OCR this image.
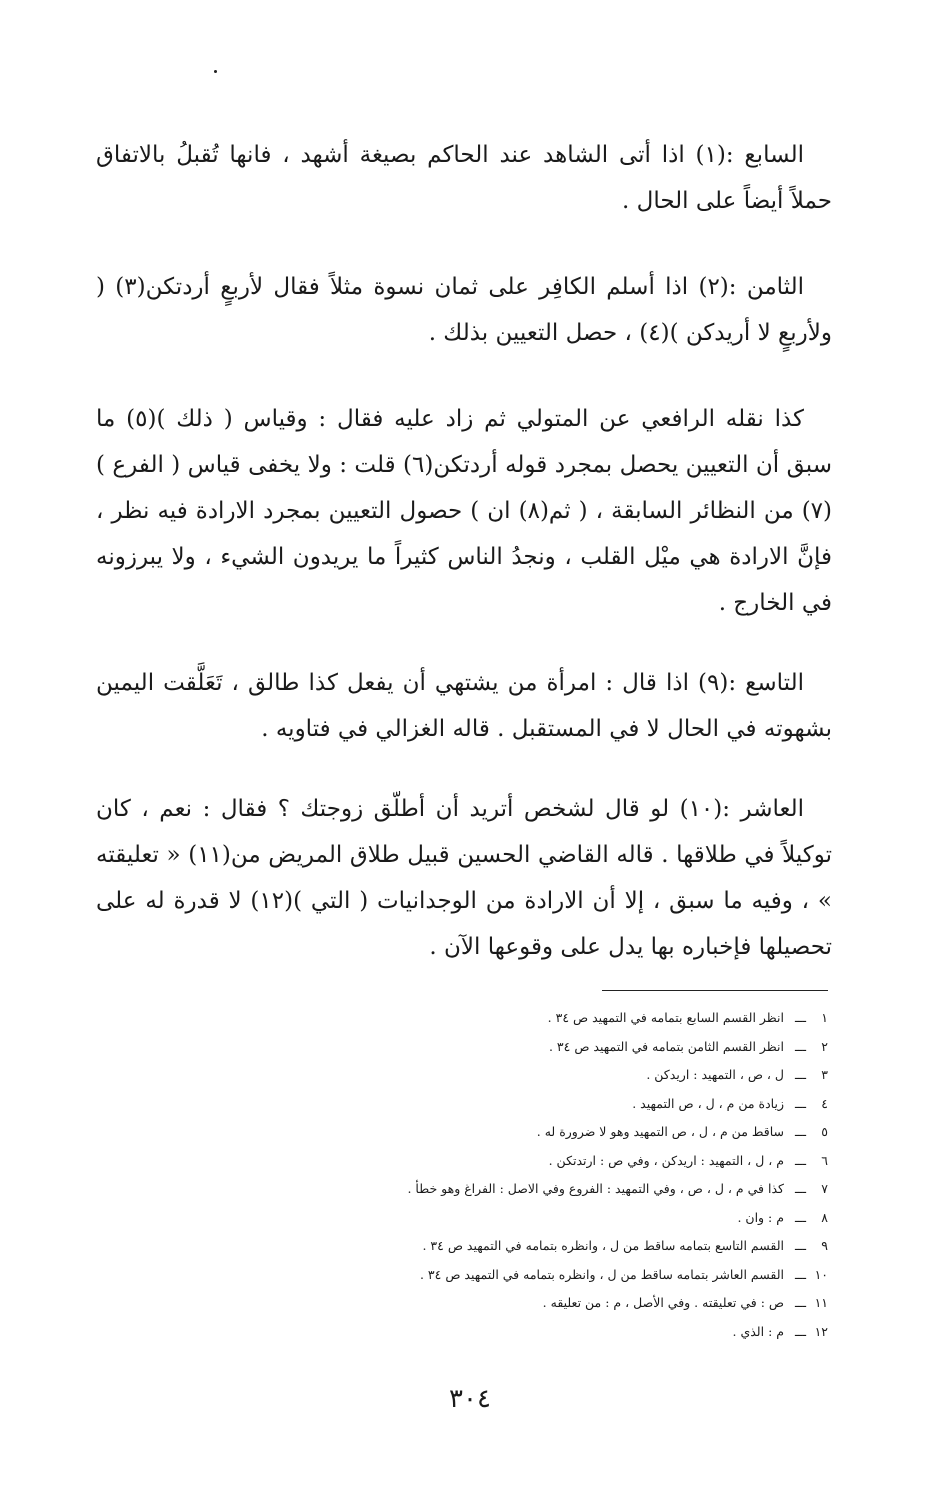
السابع :(١) اذا أتى الشاهد عند الحاكم بصيغة أشهد ، فانها تُقبلُ بالاتفاق حملاً أيضاً على الحال .

الثامن :(٢) اذا أسلم الكافِر على ثمان نسوة مثلاً فقال لأربعٍ أردتكن(٣) ( ولأربعٍ لا أريدكن )(٤) ، حصل التعيين بذلك .

كذا نقله الرافعي عن المتولي ثم زاد عليه فقال : وقياس ( ذلك )(٥) ما سبق أن التعيين يحصل بمجرد قوله أردتكن(٦) قلت : ولا يخفى قياس ( الفرع )(٧) من النظائر السابقة ، ( ثم(٨) ان ) حصول التعيين بمجرد الارادة فيه نظر ، فإنَّ الارادة هي ميْل القلب ، ونجدُ الناس كثيراً ما يريدون الشيء ، ولا يبرزونه في الخارج .

التاسع :(٩) اذا قال : امرأة من يشتهي أن يفعل كذا طالق ، تَعَلَّقت اليمين بشهوته في الحال لا في المستقبل . قاله الغزالي في فتاويه .

العاشر :(١٠) لو قال لشخص أتريد أن أطلّق زوجتك ؟ فقال : نعم ، كان توكيلاً في طلاقها . قاله القاضي الحسين قبيل طلاق المريض من(١١) « تعليقته » ، وفيه ما سبق ، إلا أن الارادة من الوجدانيات ( التي )(١٢) لا قدرة له على تحصيلها فإخباره بها يدل على وقوعها الآن .

١ـــانظر القسم السابع بتمامه في التمهيد ص ٣٤ .
٢ـــانظر القسم الثامن بتمامه في التمهيد ص ٣٤ .
٣ـــل ، ص ، التمهيد : اريدكن .
٤ـــزيادة من م ، ل ، ص التمهيد .
٥ـــساقط من م ، ل ، ص التمهيد وهو لا ضرورة له .
٦ـــم ، ل ، التمهيد : اريدكن ، وفي ص : ارتدتكن .
٧ـــكذا في م ، ل ، ص ، وفي التمهيد : الفروع وفي الاصل : الفراغ وهو خطأ .
٨ـــم : وان .
٩ـــالقسم التاسع بتمامه ساقط من ل ، وانظره بتمامه في التمهيد ص ٣٤ .
١٠ـــالقسم العاشر بتمامه ساقط من ل ، وانظره بتمامه في التمهيد ص ٣٤ .
١١ـــص : في تعليقته . وفي الأصل ، م : من تعليقه .
١٢ـــم : الذي .
٣٠٤
